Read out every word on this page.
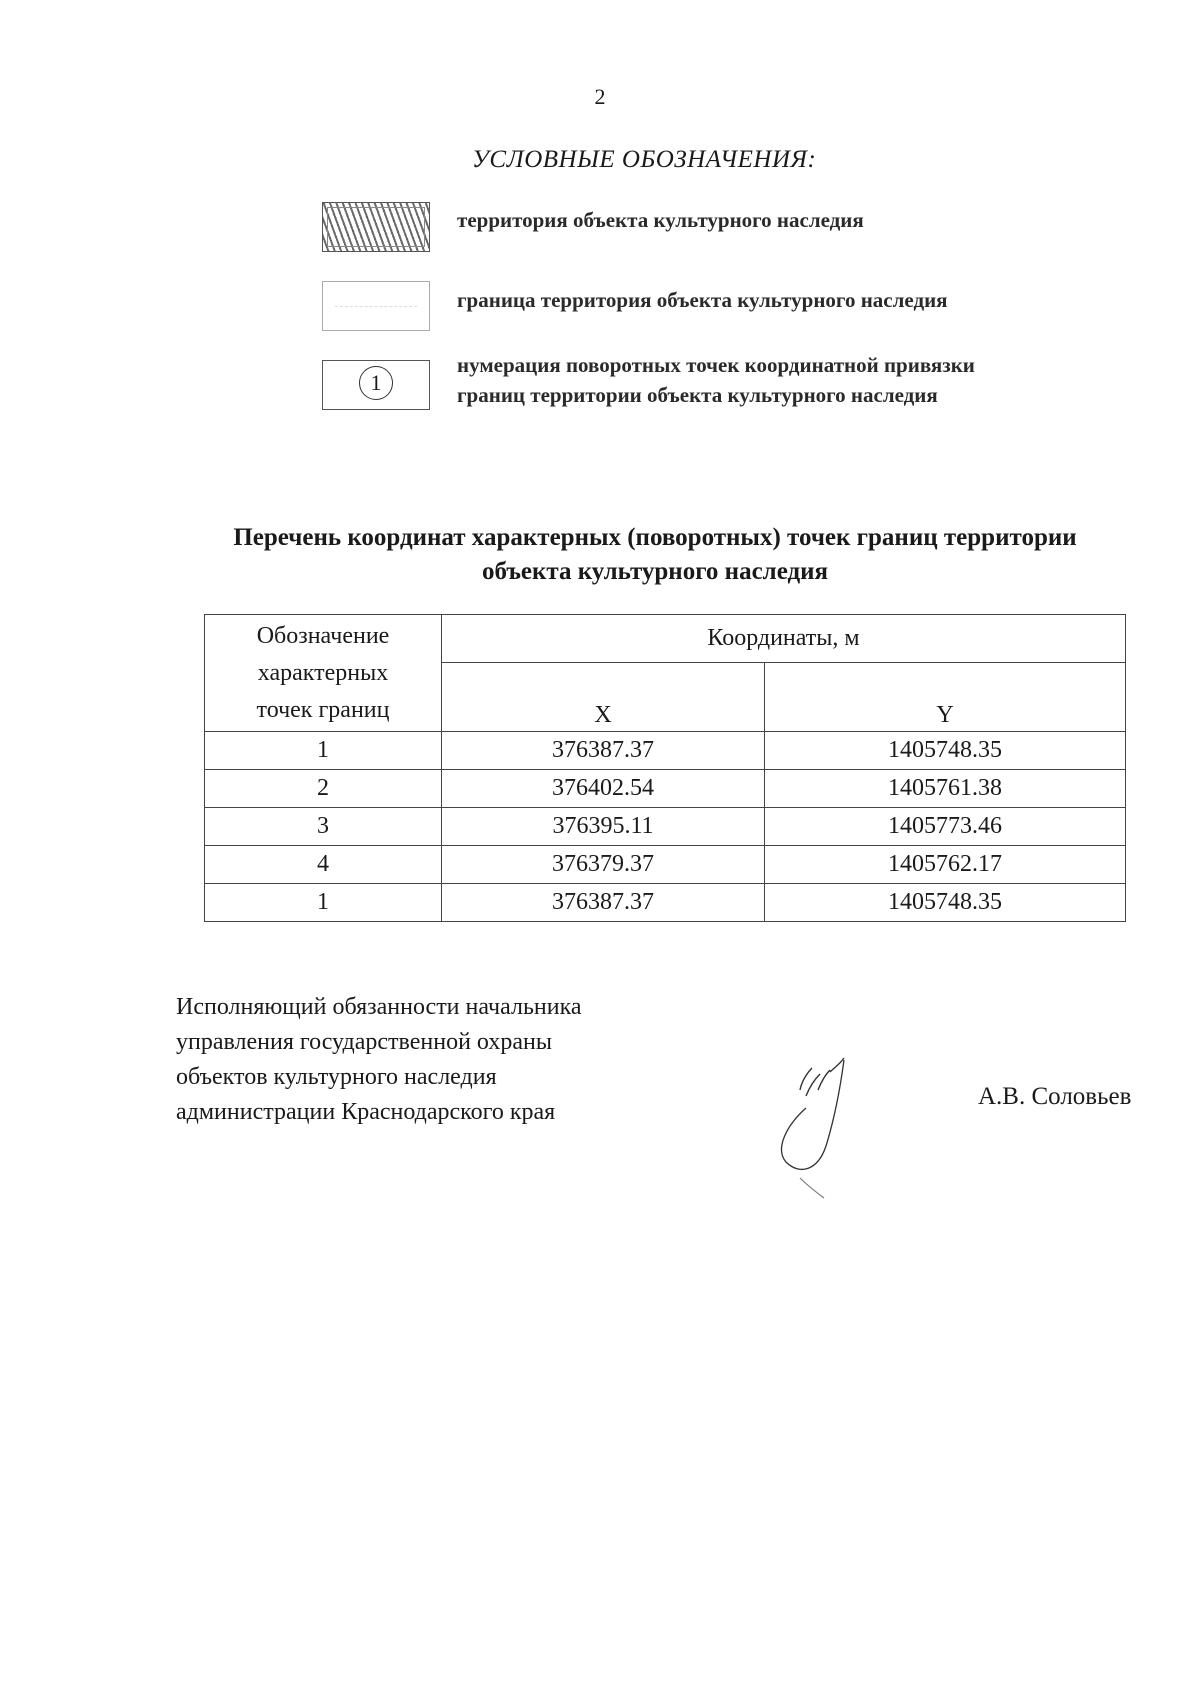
2
УСЛОВНЫЕ ОБОЗНАЧЕНИЯ:
территория объекта культурного наследия
граница территория объекта культурного наследия
1
нумерация поворотных точек координатной привязки
границ территории объекта культурного наследия
Перечень координат характерных (поворотных) точек границ территории
объекта культурного наследия
Обозначение
характерных
точек границ	Координаты, м	
	X	Y
1	376387.37	1405748.35
2	376402.54	1405761.38
3	376395.11	1405773.46
4	376379.37	1405762.17
1	376387.37	1405748.35
Исполняющий обязанности начальника
управления государственной охраны
объектов культурного наследия
администрации Краснодарского края
А.В. Соловьев
